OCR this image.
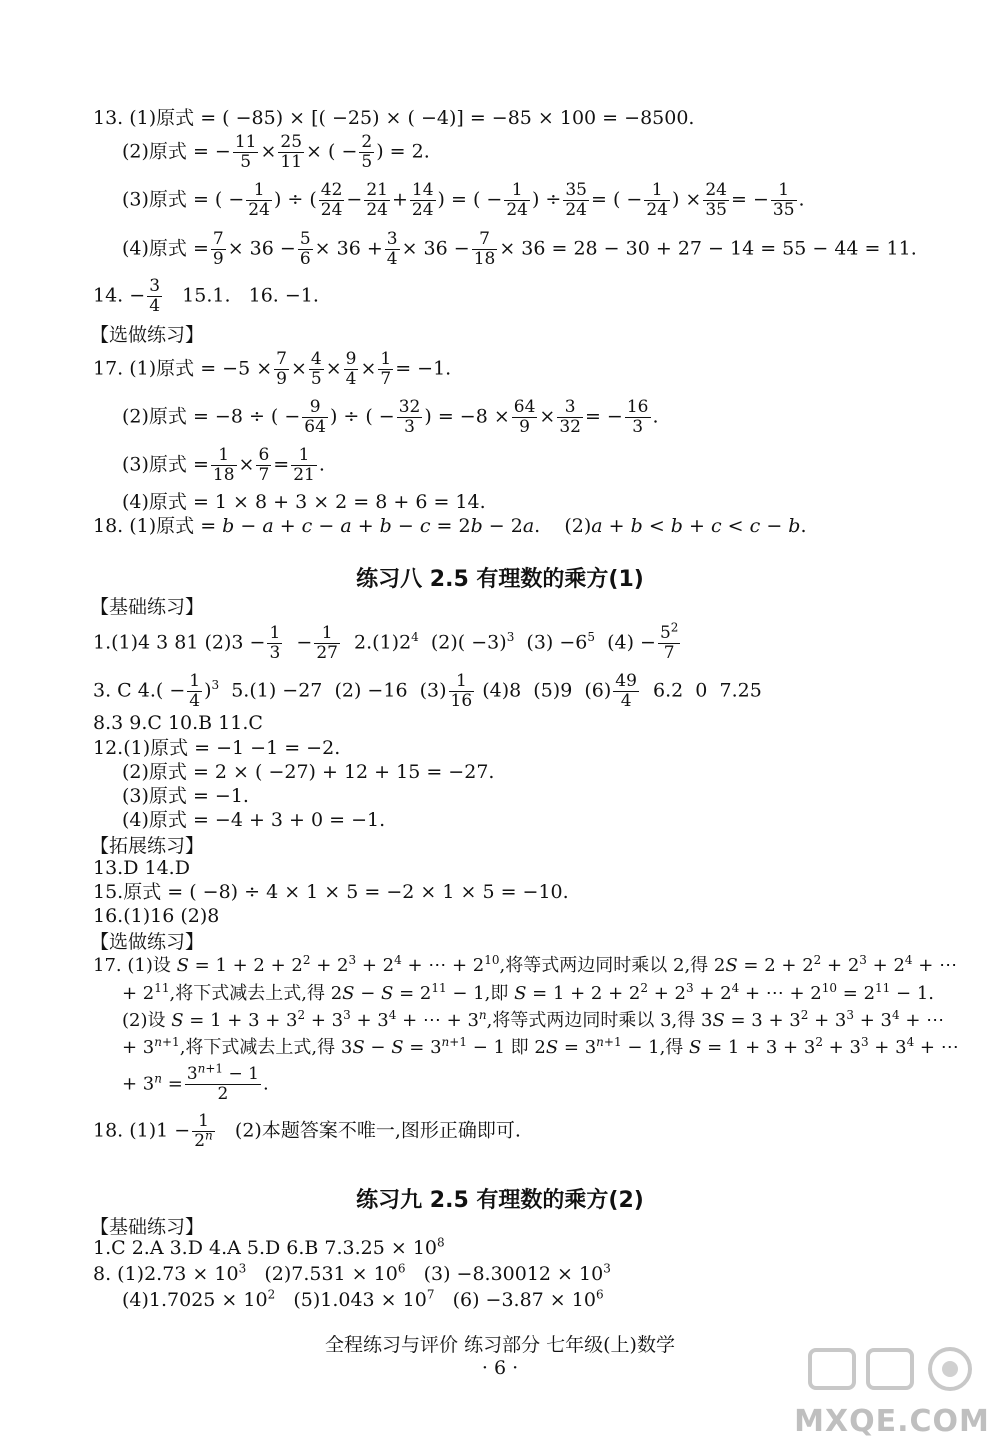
13. (1)原式 = ( −85) × [( −25) × ( −4)] = −85 × 100 = −8500.
(2)原式 = − $\frac{11}{5} \times \frac{25}{11}$ × ( − $\frac{2}{5}$ ) = 2.
(3)原式 = ( − $\frac{1}{24}$ ) ÷ ( $\frac{42}{24} - \frac{21}{24} + \frac{14}{24}$ ) = ( − $\frac{1}{24}$ ) ÷ $\frac{35}{24}$ = ( − $\frac{1}{24}$ ) × $\frac{24}{35}$ = − $\frac{1}{35}$ .
(4)原式 = $\frac{7}{9} \times 36 - \frac{5}{6} \times 36 + \frac{3}{4} \times 36 - \frac{7}{18} \times 36 = 28 - 30 + 27 - 14 = 55 - 44 = 11$.
14. − $\frac{3}{4} 15.1$. 16. −1.
【选做练习】
17. (1)原式 = $-5 \times \frac{7}{9} \times \frac{4}{5} \times \frac{9}{4} \times \frac{1}{7} = -1$.
(2)原式 = −8 ÷ ( − $\frac{9}{64}$ ) ÷ ( − $\frac{32}{3}$ ) = $-8 \times \frac{64}{9} \times \frac{3}{32}$ = − $\frac{16}{3}$ .
(3)原式 = $\frac{1}{18} \times \frac{6}{7} = \frac{1}{21}$ .
(4)原式 = 1 × 8 + 3 × 2 = 8 + 6 = 14.
18. (1)原式 = b − a + c − a + b − c = 2b − 2a.    (2)a + b < b + c < c − b.
练习八 2.5 有理数的乘方(1)
【基础练习】
1.(1)4 3 81 $(2)3 - \frac{1}{3} - \frac{1}{27} 2.(1)2^4$  $(2)( -3)^3$  $(3) -6^5$  $(4) - \frac{5^2}{7}$
3. C $4.( - \frac{1}{4} )^3$  5.(1) −27  (2) −16  $(3) \frac{1}{16} (4)8$  (5)9  $(6) \frac{49}{4} 6.2$  0  7.25
8.3 9.C 10.B 11.C
12.(1)原式 = −1 −1 = −2.
(2)原式 = 2 × ( −27) + 12 + 15 = −27.
(3)原式 = −1.
(4)原式 = −4 + 3 + 0 = −1.
【拓展练习】
13.D 14.D
15.原式 = ( −8) ÷ 4 × 1 × 5 = −2 × 1 × 5 = −10.
16.(1)16 (2)8
【选做练习】
17. (1)设 $S = 1 + 2 + 2^2 + 2^3 + 2^4$ + ⋯ + $2^{10}$,将等式两边同时乘以 2,得 $2S = 2 + 2^2 + 2^3 + 2^4$ + ⋯
+ $2^{11}$,将下式减去上式,得 $2S - S = 2^{11} - 1$,即 $S = 1 + 2 + 2^2 + 2^3 + 2^4$ + ⋯ + $2^{10} = 2^{11} - 1$.
(2)设 $S = 1 + 3 + 3^2 + 3^3 + 3^4$ + ⋯ + $3^n$,将等式两边同时乘以 3,得 $3S = 3 + 3^2 + 3^3 + 3^4$ + ⋯
+ $3^{n+1}$,将下式减去上式,得 $3S - S = 3^{n+1} - 1$ 即 $2S = 3^{n+1} - 1$,得 $S = 1 + 3 + 3^2 + 3^3 + 3^4$ + ⋯
+ $3^n = \frac{3^{n+1} - 1}{2}$ .
18. $(1)1 - \frac{1}{2^n} (2)$本题答案不唯一,图形正确即可.
练习九 2.5 有理数的乘方(2)
【基础练习】
1.C 2.A 3.D 4.A 5.D 6.B $7.3.25 \times 10^8$
8. $(1)2.73 \times 10^3$   $(2)7.531 \times 10^6$   $(3) -8.30012 \times 10^3$
$(4)1.7025 \times 10^2$   $(5)1.043 \times 10^7$   $(6) -3.87 \times 10^6$
全程练习与评价 练习部分 七年级(上)数学
· 6 ·
MXQE.COM
